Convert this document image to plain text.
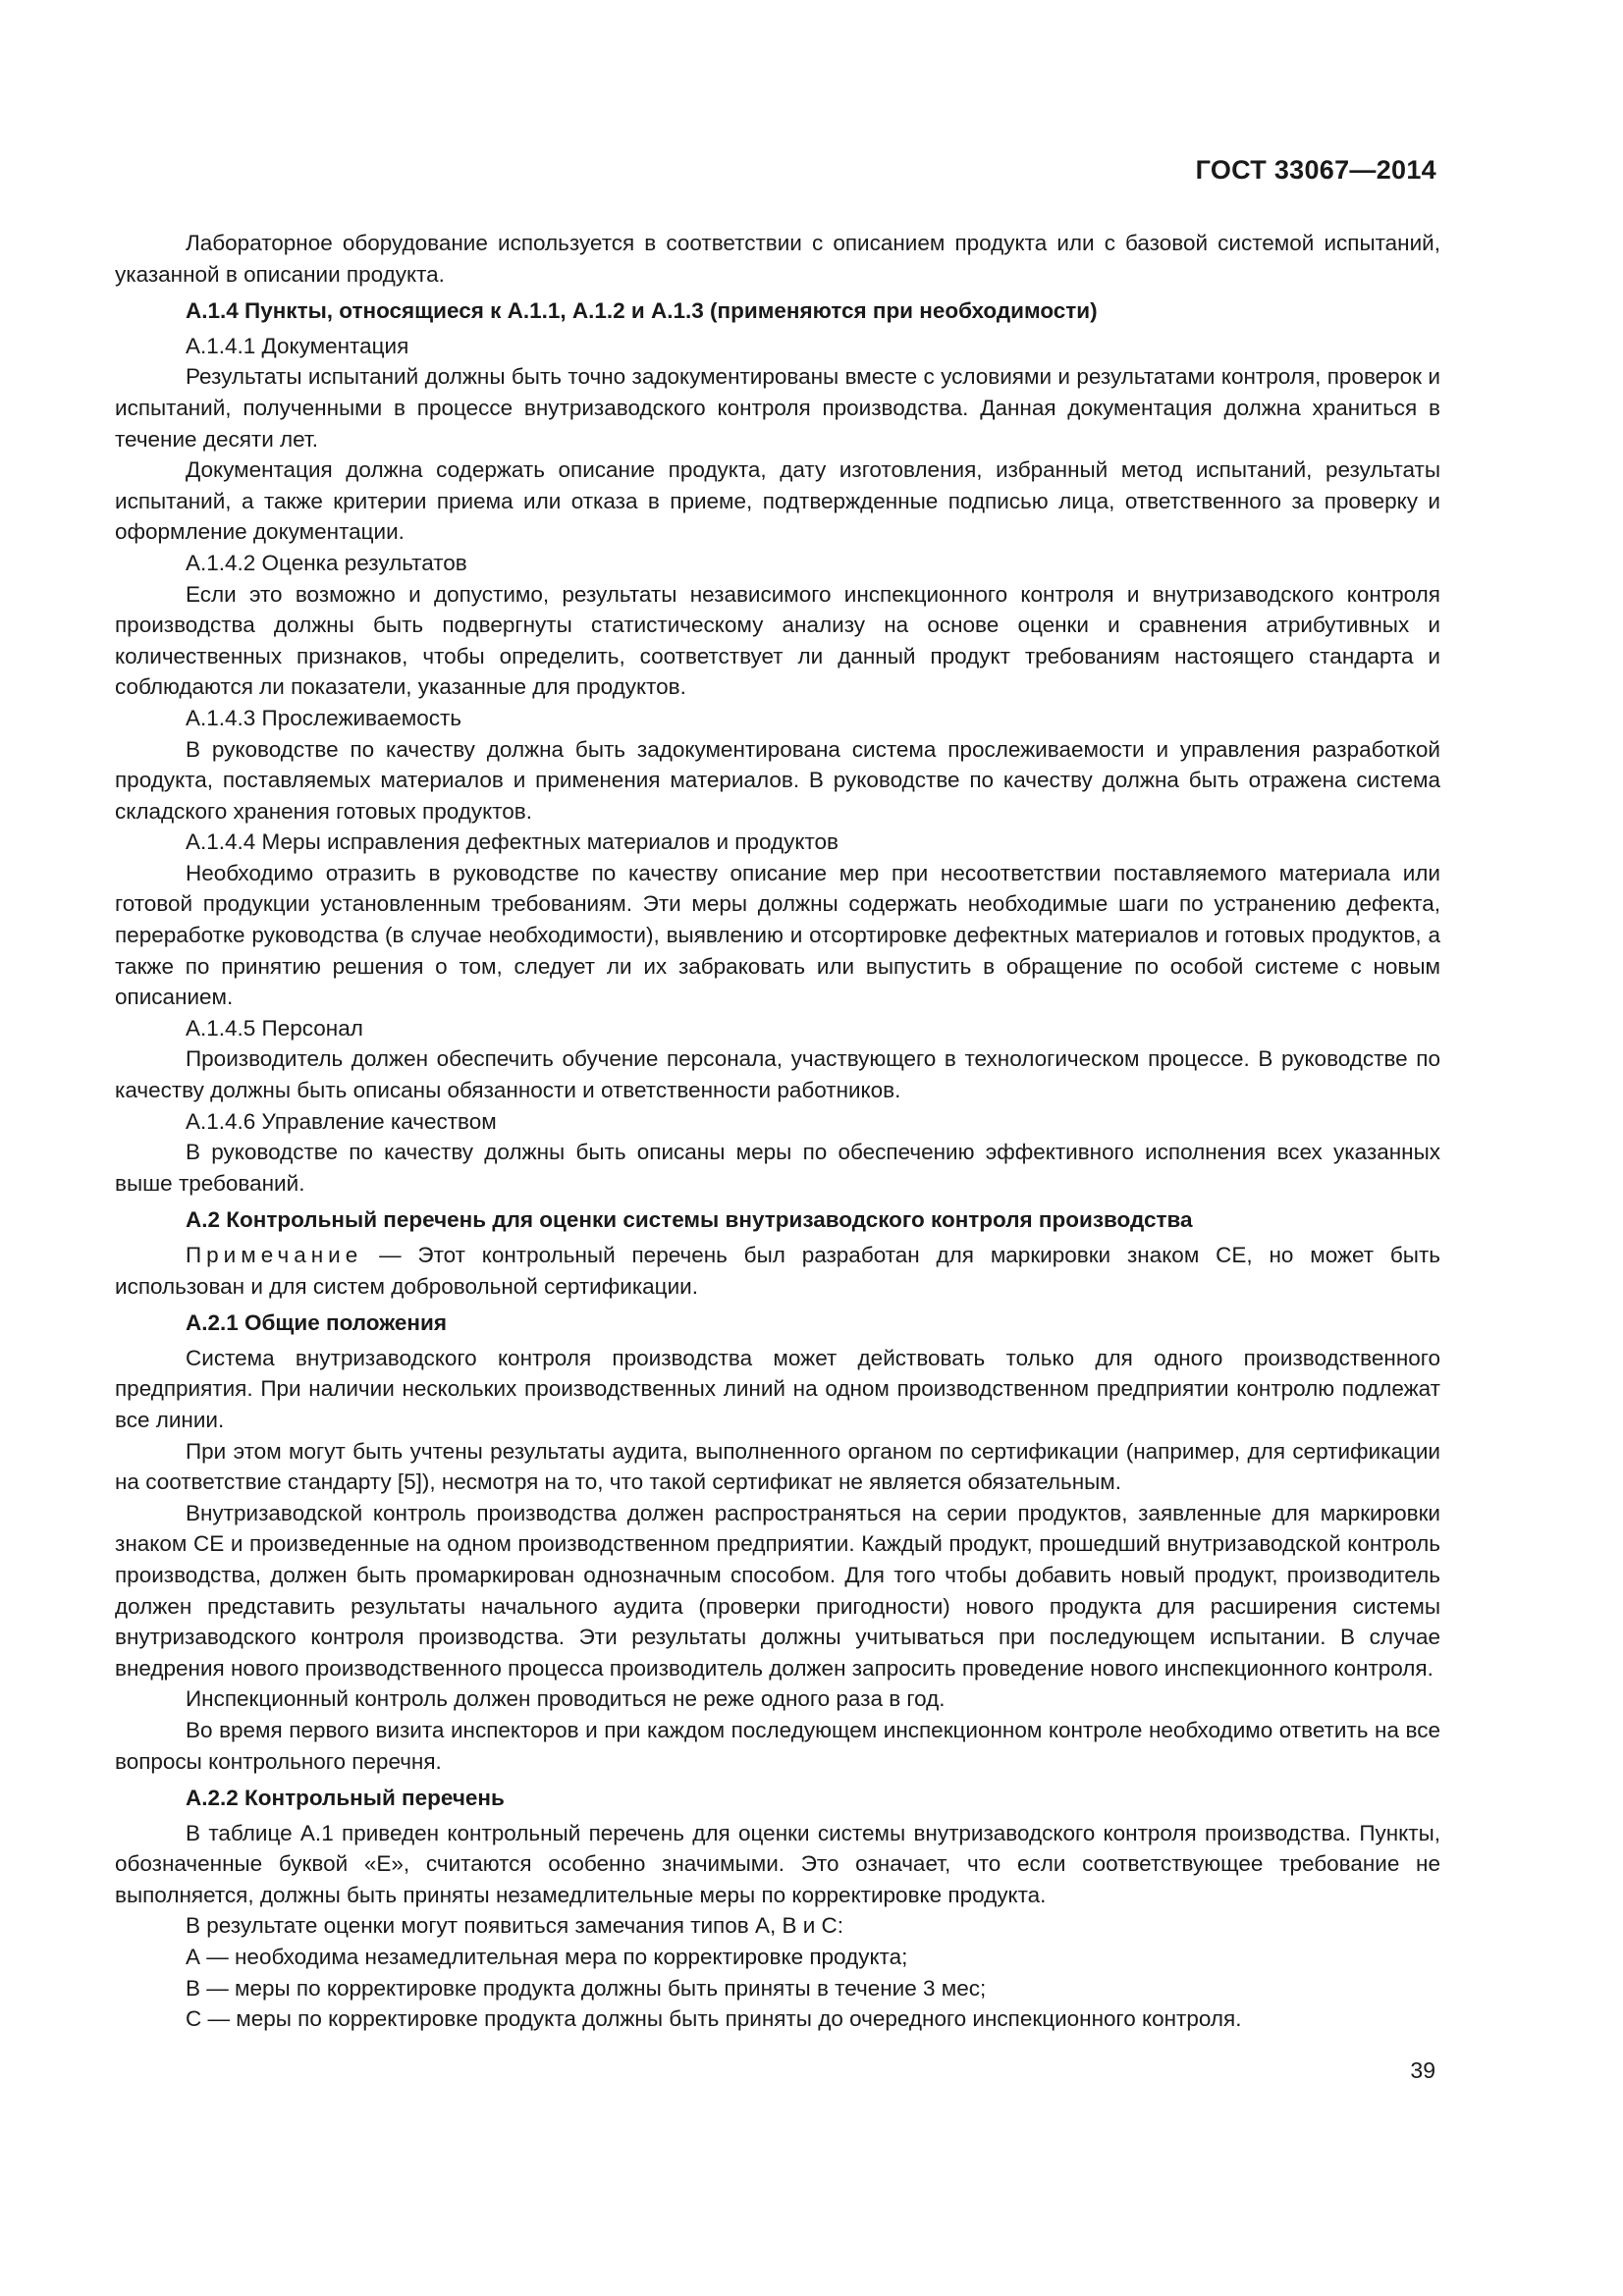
ГОСТ 33067—2014

Лабораторное оборудование используется в соответствии с описанием продукта или с базовой системой испытаний, указанной в описании продукта.

А.1.4 Пункты, относящиеся к А.1.1, А.1.2 и А.1.3 (применяются при необходимости)

А.1.4.1 Документация

Результаты испытаний должны быть точно задокументированы вместе с условиями и результатами контроля, проверок и испытаний, полученными в процессе внутризаводского контроля производства. Данная документация должна храниться в течение десяти лет.

Документация должна содержать описание продукта, дату изготовления, избранный метод испытаний, результаты испытаний, а также критерии приема или отказа в приеме, подтвержденные подписью лица, ответственного за проверку и оформление документации.

А.1.4.2 Оценка результатов

Если это возможно и допустимо, результаты независимого инспекционного контроля и внутризаводского контроля производства должны быть подвергнуты статистическому анализу на основе оценки и сравнения атрибутивных и количественных признаков, чтобы определить, соответствует ли данный продукт требованиям настоящего стандарта и соблюдаются ли показатели, указанные для продуктов.

А.1.4.3 Прослеживаемость

В руководстве по качеству должна быть задокументирована система прослеживаемости и управления разработкой продукта, поставляемых материалов и применения материалов. В руководстве по качеству должна быть отражена система складского хранения готовых продуктов.

А.1.4.4 Меры исправления дефектных материалов и продуктов

Необходимо отразить в руководстве по качеству описание мер при несоответствии поставляемого материала или готовой продукции установленным требованиям. Эти меры должны содержать необходимые шаги по устранению дефекта, переработке руководства (в случае необходимости), выявлению и отсортировке дефектных материалов и готовых продуктов, а также по принятию решения о том, следует ли их забраковать или выпустить в обращение по особой системе с новым описанием.

А.1.4.5 Персонал

Производитель должен обеспечить обучение персонала, участвующего в технологическом процессе. В руководстве по качеству должны быть описаны обязанности и ответственности работников.

А.1.4.6 Управление качеством

В руководстве по качеству должны быть описаны меры по обеспечению эффективного исполнения всех указанных выше требований.

А.2 Контрольный перечень для оценки системы внутризаводского контроля производства

Примечание — Этот контрольный перечень был разработан для маркировки знаком CE, но может быть использован и для систем добровольной сертификации.

А.2.1 Общие положения

Система внутризаводского контроля производства может действовать только для одного производственного предприятия. При наличии нескольких производственных линий на одном производственном предприятии контролю подлежат все линии.

При этом могут быть учтены результаты аудита, выполненного органом по сертификации (например, для сертификации на соответствие стандарту [5]), несмотря на то, что такой сертификат не является обязательным.

Внутризаводской контроль производства должен распространяться на серии продуктов, заявленные для маркировки знаком CE и произведенные на одном производственном предприятии. Каждый продукт, прошедший внутризаводской контроль производства, должен быть промаркирован однозначным способом. Для того чтобы добавить новый продукт, производитель должен представить результаты начального аудита (проверки пригодности) нового продукта для расширения системы внутризаводского контроля производства. Эти результаты должны учитываться при последующем испытании. В случае внедрения нового производственного процесса производитель должен запросить проведение нового инспекционного контроля.

Инспекционный контроль должен проводиться не реже одного раза в год.

Во время первого визита инспекторов и при каждом последующем инспекционном контроле необходимо ответить на все вопросы контрольного перечня.

А.2.2 Контрольный перечень

В таблице А.1 приведен контрольный перечень для оценки системы внутризаводского контроля производства. Пункты, обозначенные буквой «Е», считаются особенно значимыми. Это означает, что если соответствующее требование не выполняется, должны быть приняты незамедлительные меры по корректировке продукта.

В результате оценки могут появиться замечания типов А, В и С:

А — необходима незамедлительная мера по корректировке продукта;

В — меры по корректировке продукта должны быть приняты в течение 3 мес;

С — меры по корректировке продукта должны быть приняты до очередного инспекционного контроля.

39
